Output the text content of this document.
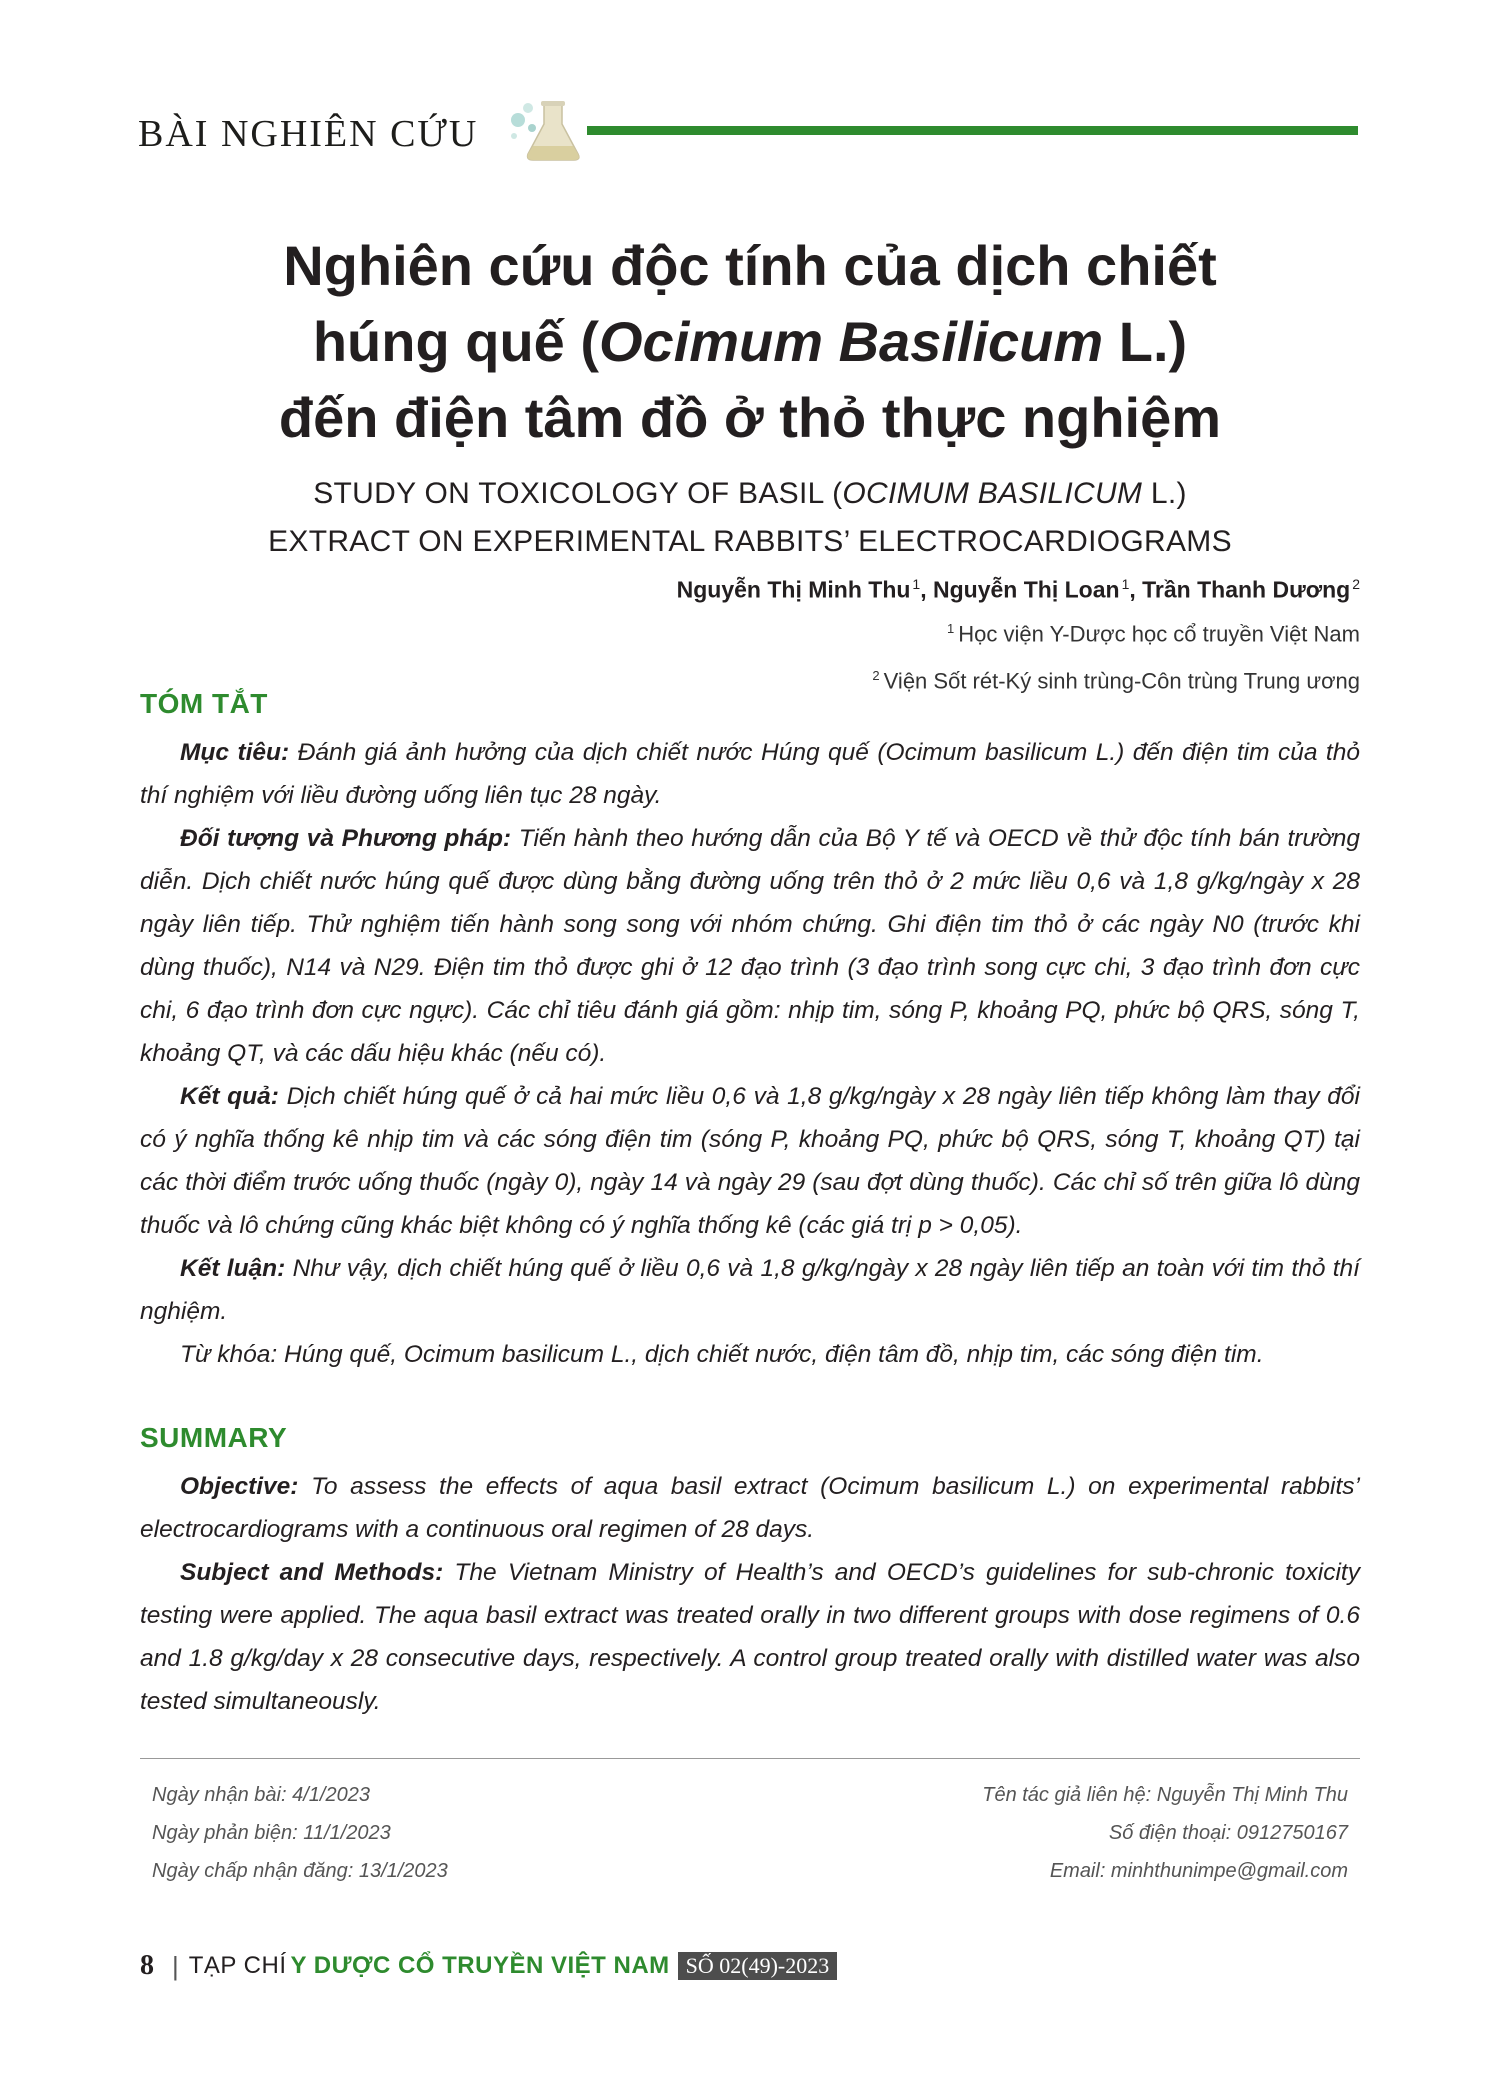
BÀI NGHIÊN CỨU
Nghiên cứu độc tính của dịch chiết
húng quế (Ocimum Basilicum L.)
đến điện tâm đồ ở thỏ thực nghiệm
STUDY ON TOXICOLOGY OF BASIL (OCIMUM BASILICUM L.)
EXTRACT ON EXPERIMENTAL RABBITS’ ELECTROCARDIOGRAMS
Nguyễn Thị Minh Thu $^1$, Nguyễn Thị Loan $^1$, Trần Thanh Dương $^2$
$^1$ Học viện Y-Dược học cổ truyền Việt Nam
$^2$ Viện Sốt rét-Ký sinh trùng-Côn trùng Trung ương
TÓM TẮT

Mục tiêu: Đánh giá ảnh hưởng của dịch chiết nước Húng quế (Ocimum basilicum L.) đến điện tim của thỏ thí nghiệm với liều đường uống liên tục 28 ngày.

Đối tượng và Phương pháp: Tiến hành theo hướng dẫn của Bộ Y tế và OECD về thử độc tính bán trường diễn. Dịch chiết nước húng quế được dùng bằng đường uống trên thỏ ở 2 mức liều 0,6 và 1,8 g/kg/ngày x 28 ngày liên tiếp. Thử nghiệm tiến hành song song với nhóm chứng. Ghi điện tim thỏ ở các ngày N0 (trước khi dùng thuốc), N14 và N29. Điện tim thỏ được ghi ở 12 đạo trình (3 đạo trình song cực chi, 3 đạo trình đơn cực chi, 6 đạo trình đơn cực ngực). Các chỉ tiêu đánh giá gồm: nhịp tim, sóng P, khoảng PQ, phức bộ QRS, sóng T, khoảng QT, và các dấu hiệu khác (nếu có).

Kết quả: Dịch chiết húng quế ở cả hai mức liều 0,6 và 1,8 g/kg/ngày x 28 ngày liên tiếp không làm thay đổi có ý nghĩa thống kê nhịp tim và các sóng điện tim (sóng P, khoảng PQ, phức bộ QRS, sóng T, khoảng QT) tại các thời điểm trước uống thuốc (ngày 0), ngày 14 và ngày 29 (sau đợt dùng thuốc). Các chỉ số trên giữa lô dùng thuốc và lô chứng cũng khác biệt không có ý nghĩa thống kê (các giá trị p > 0,05).

Kết luận: Như vậy, dịch chiết húng quế ở liều 0,6 và 1,8 g/kg/ngày x 28 ngày liên tiếp an toàn với tim thỏ thí nghiệm.

Từ khóa: Húng quế, Ocimum basilicum L., dịch chiết nước, điện tâm đồ, nhịp tim, các sóng điện tim.

SUMMARY

Objective: To assess the effects of aqua basil extract (Ocimum basilicum L.) on experimental rabbits’ electrocardiograms with a continuous oral regimen of 28 days.

Subject and Methods: The Vietnam Ministry of Health’s and OECD’s guidelines for sub-chronic toxicity testing were applied. The aqua basil extract was treated orally in two different groups with dose regimens of 0.6 and 1.8 g/kg/day x 28 consecutive days, respectively. A control group treated orally with distilled water was also tested simultaneously.

Ngày nhận bài: 4/1/2023
Ngày phản biện: 11/1/2023
Ngày chấp nhận đăng: 13/1/2023
Tên tác giả liên hệ: Nguyễn Thị Minh Thu
Số điện thoại: 0912750167
Email: minhthunimpe@gmail.com
8 | TẠP CHÍ Y DƯỢC CỔ TRUYỀN VIỆT NAM SỐ 02(49)-2023
